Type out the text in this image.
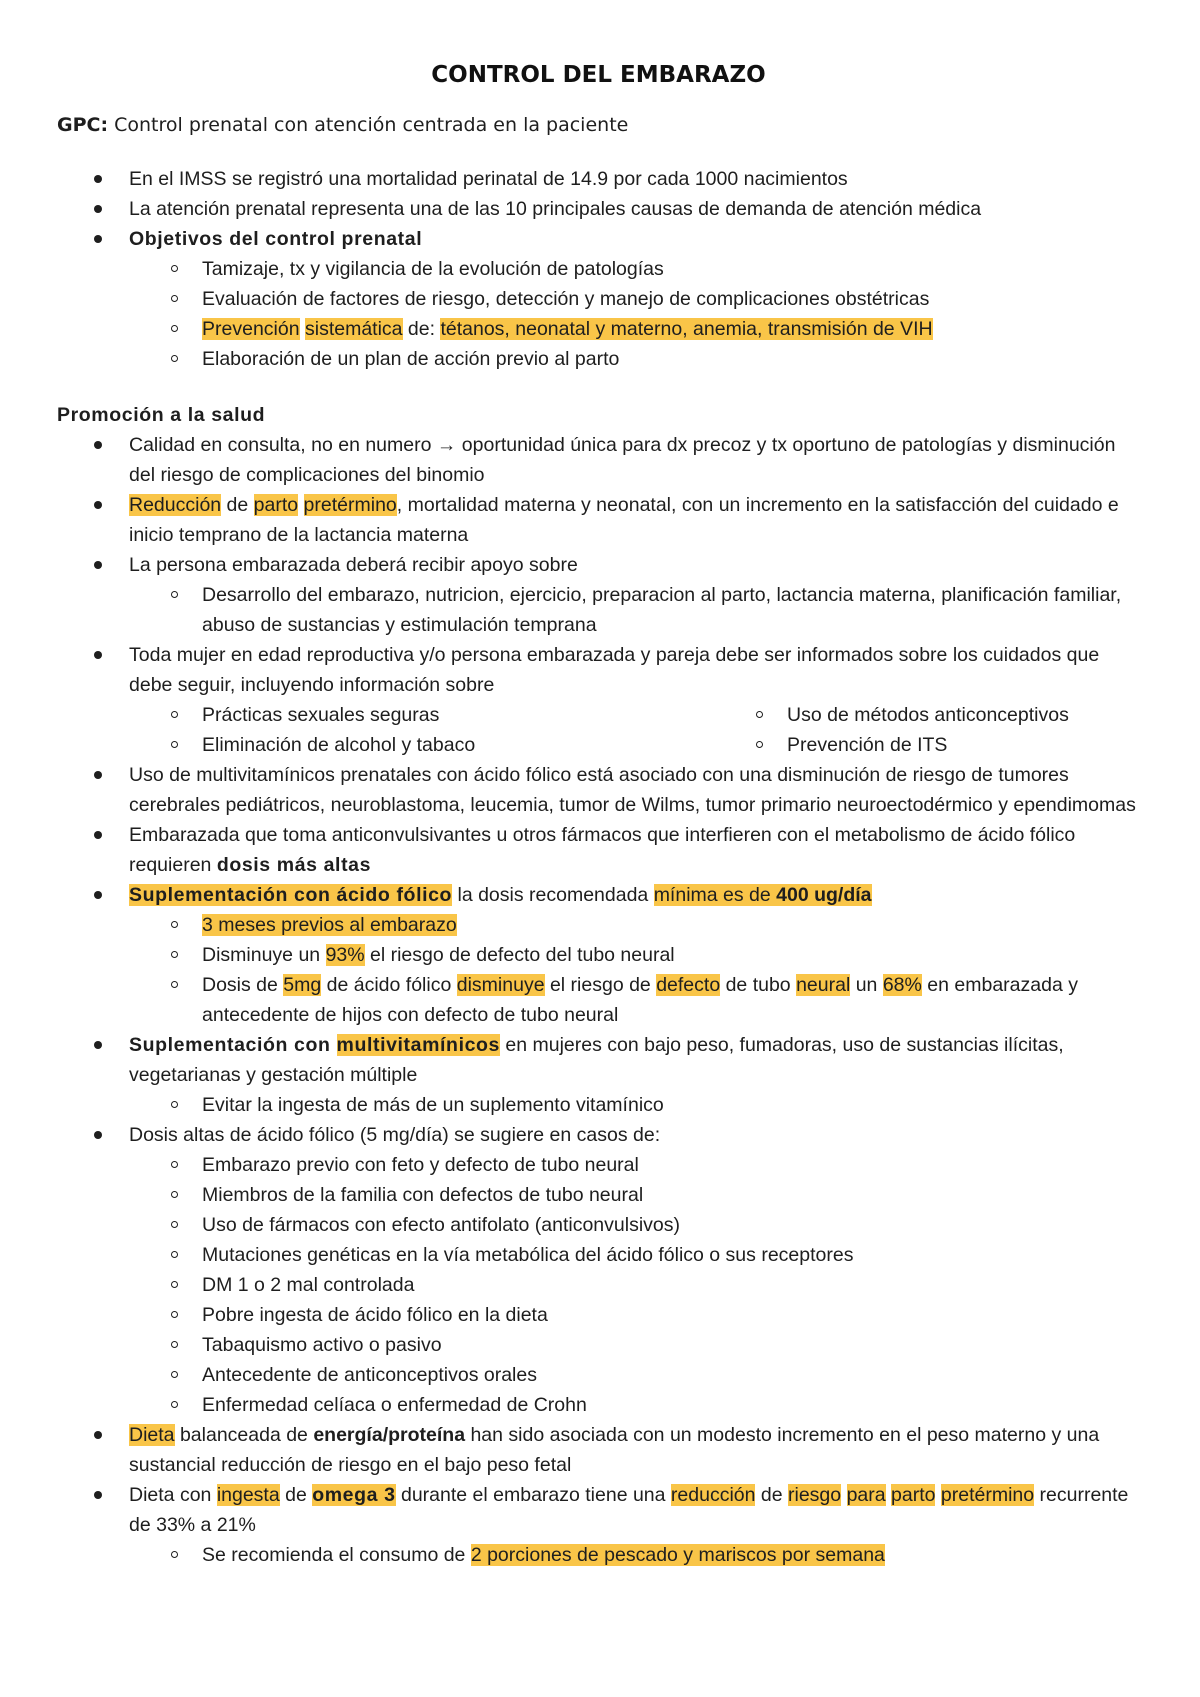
CONTROL DEL EMBARAZO
GPC: Control prenatal con atención centrada en la paciente
En el IMSS se registró una mortalidad perinatal de 14.9 por cada 1000 nacimientos
La atención prenatal representa una de las 10 principales causas de demanda de atención médica
Objetivos del control prenatal
Tamizaje, tx y vigilancia de la evolución de patologías
Evaluación de factores de riesgo, detección y manejo de complicaciones obstétricas
Prevención sistemática de: tétanos, neonatal y materno, anemia, transmisión de VIH
Elaboración de un plan de acción previo al parto
Promoción a la salud
Calidad en consulta, no en numero → oportunidad única para dx precoz y tx oportuno de patologías y disminución del riesgo de complicaciones del binomio
Reducción de parto pretérmino, mortalidad materna y neonatal, con un incremento en la satisfacción del cuidado e inicio temprano de la lactancia materna
La persona embarazada deberá recibir apoyo sobre
Desarrollo del embarazo, nutricion, ejercicio, preparacion al parto, lactancia materna, planificación familiar, abuso de sustancias y estimulación temprana
Toda mujer en edad reproductiva y/o persona embarazada y pareja debe ser informados sobre los cuidados que debe seguir, incluyendo información sobre
Prácticas sexuales seguras
Eliminación de alcohol y tabaco
Uso de métodos anticonceptivos
Prevención de ITS
Uso de multivitamínicos prenatales con ácido fólico está asociado con una disminución de riesgo de tumores cerebrales pediátricos, neuroblastoma, leucemia, tumor de Wilms, tumor primario neuroectodérmico y ependimomas
Embarazada que toma anticonvulsivantes u otros fármacos que interfieren con el metabolismo de ácido fólico requieren dosis más altas
Suplementación con ácido fólico la dosis recomendada mínima es de 400 ug/día
3 meses previos al embarazo
Disminuye un 93% el riesgo de defecto del tubo neural
Dosis de 5mg de ácido fólico disminuye el riesgo de defecto de tubo neural un 68% en embarazada y antecedente de hijos con defecto de tubo neural
Suplementación con multivitamínicos en mujeres con bajo peso, fumadoras, uso de sustancias ilícitas, vegetarianas y gestación múltiple
Evitar la ingesta de más de un suplemento vitamínico
Dosis altas de ácido fólico (5 mg/día) se sugiere en casos de:
Embarazo previo con feto y defecto de tubo neural
Miembros de la familia con defectos de tubo neural
Uso de fármacos con efecto antifolato (anticonvulsivos)
Mutaciones genéticas en la vía metabólica del ácido fólico o sus receptores
DM 1 o 2 mal controlada
Pobre ingesta de ácido fólico en la dieta
Tabaquismo activo o pasivo
Antecedente de anticonceptivos orales
Enfermedad celíaca o enfermedad de Crohn
Dieta balanceada de energía/proteína han sido asociada con un modesto incremento en el peso materno y una sustancial reducción de riesgo en el bajo peso fetal
Dieta con ingesta de omega 3 durante el embarazo tiene una reducción de riesgo para parto pretérmino recurrente de 33% a 21%
Se recomienda el consumo de 2 porciones de pescado y mariscos por semana
